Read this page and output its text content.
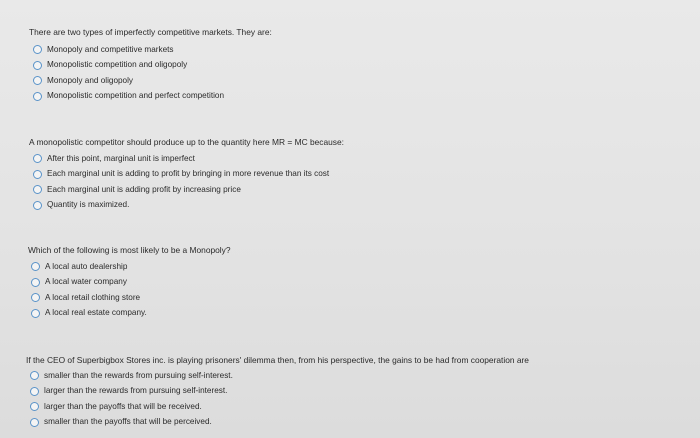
There are two types of imperfectly competitive markets. They are:

Monopoly and competitive markets
Monopolistic competition and oligopoly
Monopoly and oligopoly
Monopolistic competition and perfect competition

A monopolistic competitor should produce up to the quantity here MR = MC because:

After this point, marginal unit is imperfect
Each marginal unit is adding to profit by bringing in more revenue than its cost
Each marginal unit is adding profit by increasing price
Quantity is maximized.

Which of the following is most likely to be a Monopoly?

A local auto dealership
A local water company
A local retail clothing store
A local real estate company.

If the CEO of Superbigbox Stores inc. is playing prisoners' dilemma then, from his perspective, the gains to be had from cooperation are

smaller than the rewards from pursuing self-interest.
larger than the rewards from pursuing self-interest.
larger than the payoffs that will be received.
smaller than the payoffs that will be perceived.
